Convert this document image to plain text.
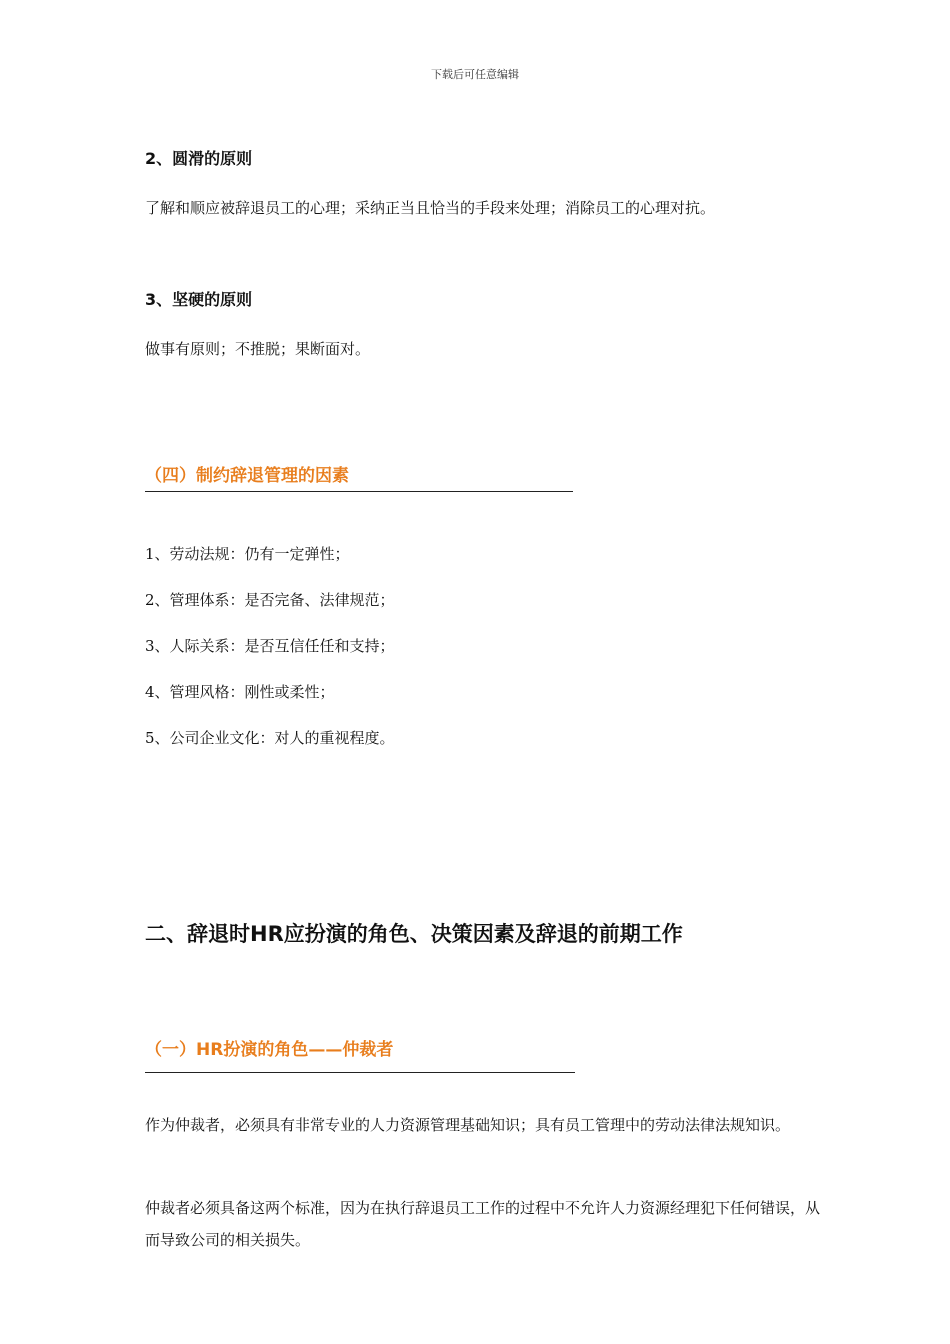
下载后可任意编辑
2、圆滑的原则
了解和顺应被辞退员工的心理；采纳正当且恰当的手段来处理；消除员工的心理对抗。
3、坚硬的原则
做事有原则；不推脱；果断面对。
（四）制约辞退管理的因素
1、劳动法规：仍有一定弹性；
2、管理体系：是否完备、法律规范；
3、人际关系：是否互信任任和支持；
4、管理风格：刚性或柔性；
5、公司企业文化：对人的重视程度。
二、辞退时HR应扮演的角色、决策因素及辞退的前期工作
（一）HR扮演的角色——仲裁者
作为仲裁者，必须具有非常专业的人力资源管理基础知识；具有员工管理中的劳动法律法规知识。
仲裁者必须具备这两个标准，因为在执行辞退员工工作的过程中不允许人力资源经理犯下任何错误，从而导致公司的相关损失。
